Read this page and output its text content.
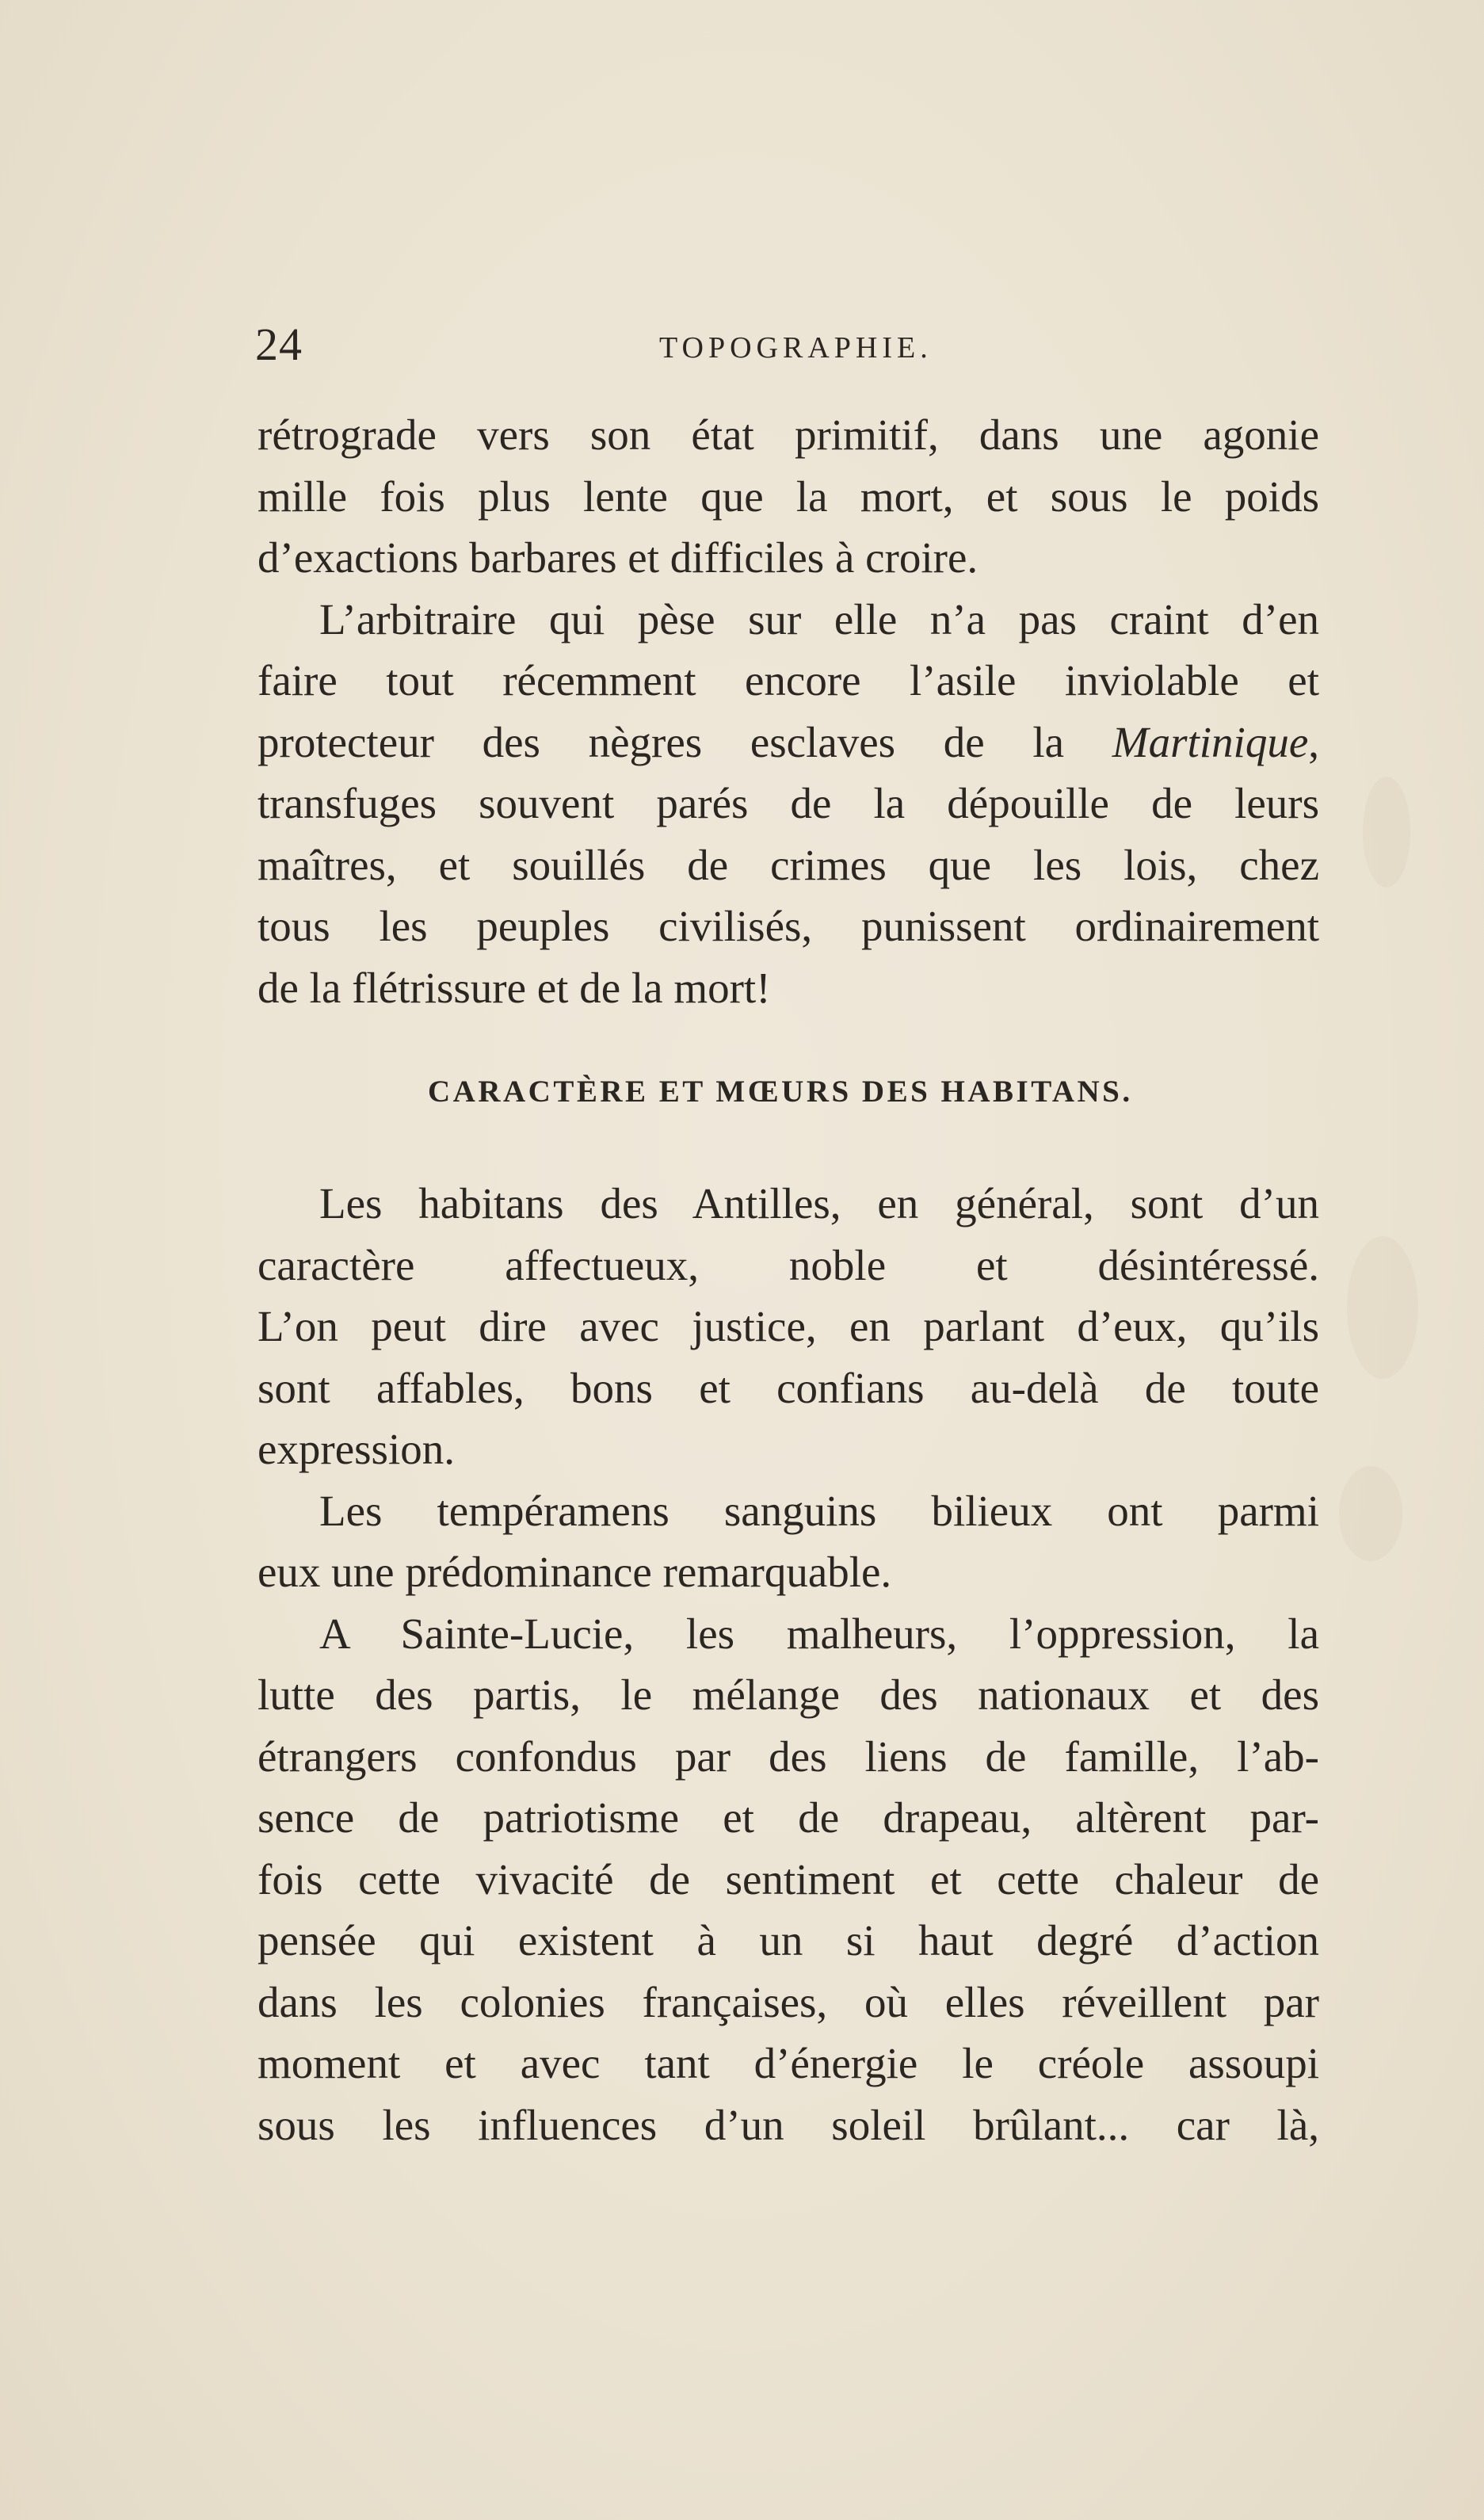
24	TOPOGRAPHIE.
rétrograde vers son état primitif, dans une agonie
mille fois plus lente que la mort, et sous le poids
d’exactions barbares et difficiles à croire.
L’arbitraire qui pèse sur elle n’a pas craint d’en
faire tout récemment encore l’asile inviolable et
protecteur des nègres esclaves de la Martinique,
transfuges souvent parés de la dépouille de leurs
maîtres, et souillés de crimes que les lois, chez
tous les peuples civilisés, punissent ordinairement
de la flétrissure et de la mort!
CARACTÈRE ET MŒURS DES HABITANS.
Les habitans des Antilles, en général, sont d’un
caractère affectueux, noble et désintéressé.
L’on peut dire avec justice, en parlant d’eux, qu’ils
sont affables, bons et confians au-delà de toute
expression.
Les tempéramens sanguins bilieux ont parmi
eux une prédominance remarquable.
A Sainte-Lucie, les malheurs, l’oppression, la
lutte des partis, le mélange des nationaux et des
étrangers confondus par des liens de famille, l’ab-
sence de patriotisme et de drapeau, altèrent par-
fois cette vivacité de sentiment et cette chaleur de
pensée qui existent à un si haut degré d’action
dans les colonies françaises, où elles réveillent par
moment et avec tant d’énergie le créole assoupi
sous les influences d’un soleil brûlant... car là,
